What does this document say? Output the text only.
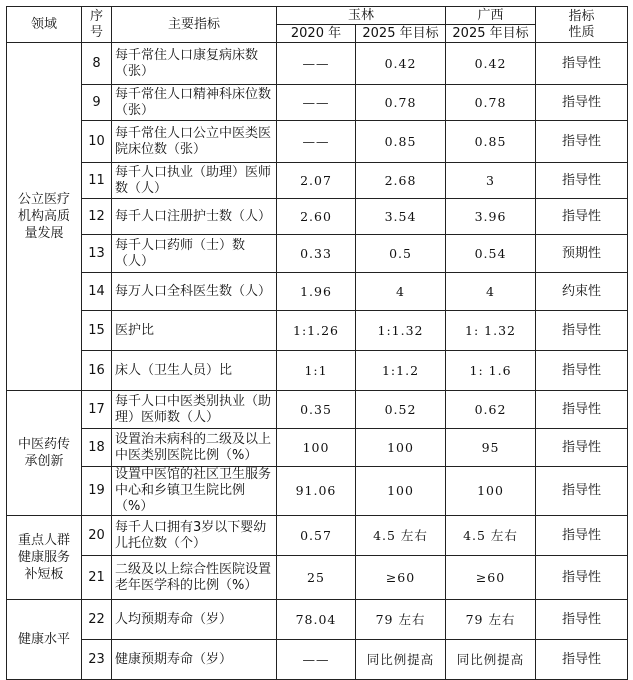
领域	序号	主要指标	玉林		广西	指标性质
			2020 年	2025 年目标	2025 年目标	
公立医疗机构高质量发展	8	每千常住人口康复病床数（张）	——	0.42	0.42	指导性
	9	每千常住人口精神科床位数（张）	——	0.78	0.78	指导性
	10	每千常住人口公立中医类医院床位数（张）	——	0.85	0.85	指导性
	11	每千人口执业（助理）医师数（人）	2.07	2.68	3	指导性
	12	每千人口注册护士数（人）	2.60	3.54	3.96	指导性
	13	每千人口药师（士）数（人）	0.33	0.5	0.54	预期性
	14	每万人口全科医生数（人）	1.96	4	4	约束性
	15	医护比	1:1.26	1:1.32	1: 1.32	指导性
	16	床人（卫生人员）比	1:1	1:1.2	1: 1.6	指导性
中医药传承创新	17	每千人口中医类别执业（助理）医师数（人）	0.35	0.52	0.62	指导性
	18	设置治未病科的二级及以上中医类别医院比例（%）	100	100	95	指导性
	19	设置中医馆的社区卫生服务中心和乡镇卫生院比例（%）	91.06	100	100	指导性
重点人群健康服务补短板	20	每千人口拥有3岁以下婴幼儿托位数（个）	0.57	4.5 左右	4.5 左右	指导性
	21	二级及以上综合性医院设置老年医学科的比例（%）	25	≥60	≥60	指导性
健康水平	22	人均预期寿命（岁）	78.04	79 左右	79 左右	指导性
	23	健康预期寿命（岁）	——	同比例提高	同比例提高	指导性
